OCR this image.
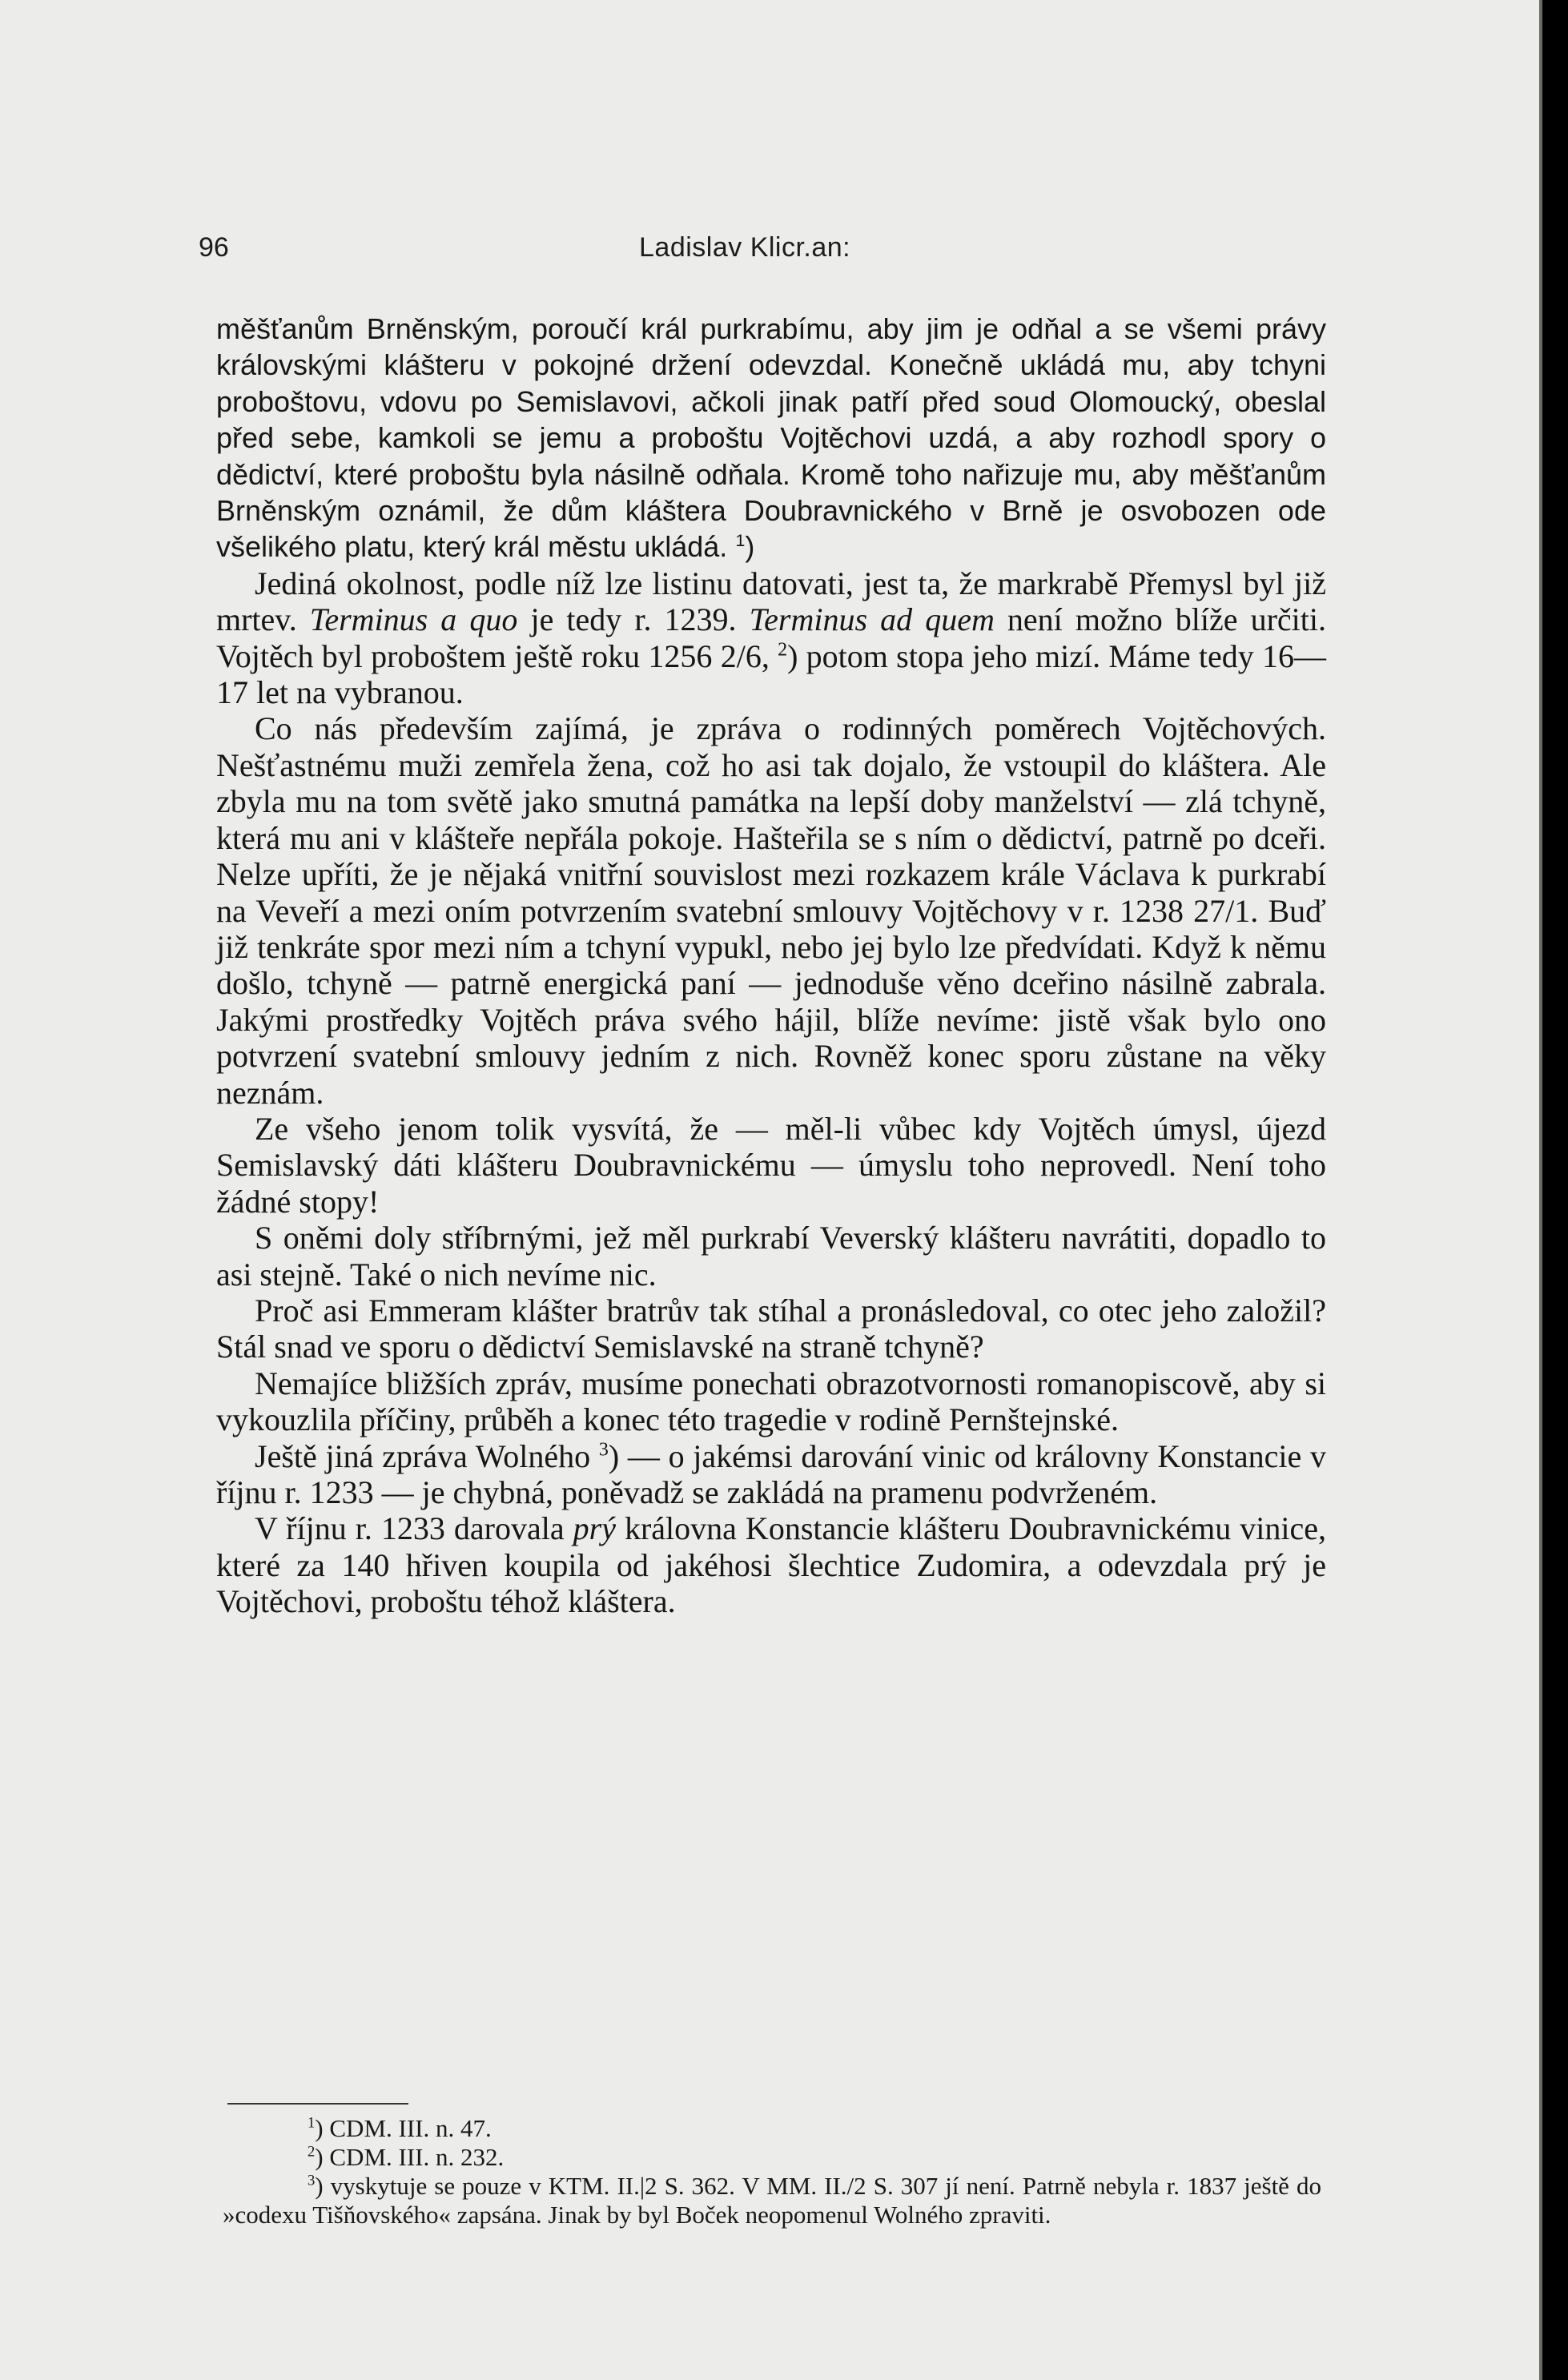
96	Ladislav Klicr.an:

měšťanům Brněnským, poroučí král purkrabímu, aby jim je odňal a se všemi právy královskými klášteru v pokojné držení odevzdal. Konečně ukládá mu, aby tchyni proboštovu, vdovu po Semislavovi, ačkoli jinak patří před soud Olomoucký, obeslal před sebe, kamkoli se jemu a proboštu Vojtěchovi uzdá, a aby rozhodl spory o dědictví, které proboštu byla násilně odňala. Kromě toho nařizuje mu, aby měšťanům Brněnským oznámil, že dům kláštera Doubravnického v Brně je osvobozen ode všelikého platu, který král městu ukládá. $^1$)

Jediná okolnost, podle níž lze listinu datovati, jest ta, že markrabě Přemysl byl již mrtev. Terminus a quo je tedy r. 1239. Terminus ad quem není možno blíže určiti. Vojtěch byl proboštem ještě roku 1256 2/6, $^2$) potom stopa jeho mizí. Máme tedy 16—17 let na vybranou.

Co nás především zajímá, je zpráva o rodinných poměrech Vojtěchových. Nešťastnému muži zemřela žena, což ho asi tak dojalo, že vstoupil do kláštera. Ale zbyla mu na tom světě jako smutná památka na lepší doby manželství — zlá tchyně, která mu ani v klášteře nepřála pokoje. Hašteřila se s ním o dědictví, patrně po dceři. Nelze upříti, že je nějaká vnitřní souvislost mezi rozkazem krále Václava k purkrabí na Veveří a mezi oním potvrzením svatební smlouvy Vojtěchovy v r. 1238 27/1. Buď již tenkráte spor mezi ním a tchyní vypukl, nebo jej bylo lze předvídati. Když k němu došlo, tchyně — patrně energická paní — jednoduše věno dceřino násilně zabrala. Jakými prostředky Vojtěch práva svého hájil, blíže nevíme: jistě však bylo ono potvrzení svatební smlouvy jedním z nich. Rovněž konec sporu zůstane na věky neznám.

Ze všeho jenom tolik vysvítá, že — měl-li vůbec kdy Vojtěch úmysl, újezd Semislavský dáti klášteru Doubravnickému — úmyslu toho neprovedl. Není toho žádné stopy!

S oněmi doly stříbrnými, jež měl purkrabí Veverský klášteru navrátiti, dopadlo to asi stejně. Také o nich nevíme nic.

Proč asi Emmeram klášter bratrův tak stíhal a pronásledoval, co otec jeho založil? Stál snad ve sporu o dědictví Semislavské na straně tchyně?

Nemajíce bližších zpráv, musíme ponechati obrazotvornosti romanopiscově, aby si vykouzlila příčiny, průběh a konec této tragedie v rodině Pernštejnské.

Ještě jiná zpráva Wolného $^3$) — o jakémsi darování vinic od královny Konstancie v říjnu r. 1233 — je chybná, poněvadž se zakládá na pramenu podvrženém.

V říjnu r. 1233 darovala prý královna Konstancie klášteru Doubravnickému vinice, které za 140 hřiven koupila od jakéhosi šlechtice Zudomira, a odevzdala prý je Vojtěchovi, proboštu téhož kláštera.

$^1$) CDM. III. n. 47.

$^2$) CDM. III. n. 232.

$^3$) vyskytuje se pouze v KTM. II.|2 S. 362. V MM. II./2 S. 307 jí není. Patrně nebyla r. 1837 ještě do »codexu Tišňovského« zapsána. Jinak by byl Boček neopomenul Wolného zpraviti.
